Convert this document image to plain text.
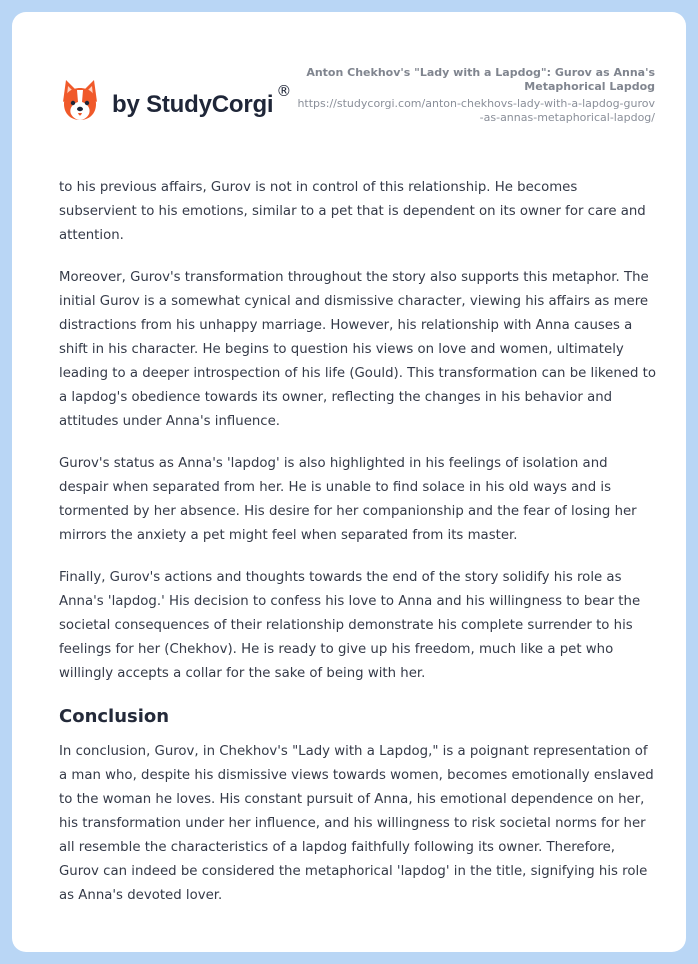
by StudyCorgi ®
Anton Chekhov's "Lady with a Lapdog": Gurov as Anna's Metaphorical Lapdog
https://studycorgi.com/anton-chekhovs-lady-with-a-lapdog-gurov-as-annas-metaphorical-lapdog/

to his previous affairs, Gurov is not in control of this relationship. He becomes subservient to his emotions, similar to a pet that is dependent on its owner for care and attention.

Moreover, Gurov's transformation throughout the story also supports this metaphor. The initial Gurov is a somewhat cynical and dismissive character, viewing his affairs as mere distractions from his unhappy marriage. However, his relationship with Anna causes a shift in his character. He begins to question his views on love and women, ultimately leading to a deeper introspection of his life (Gould). This transformation can be likened to a lapdog's obedience towards its owner, reflecting the changes in his behavior and attitudes under Anna's influence.

Gurov's status as Anna's 'lapdog' is also highlighted in his feelings of isolation and despair when separated from her. He is unable to find solace in his old ways and is tormented by her absence. His desire for her companionship and the fear of losing her mirrors the anxiety a pet might feel when separated from its master.

Finally, Gurov's actions and thoughts towards the end of the story solidify his role as Anna's 'lapdog.' His decision to confess his love to Anna and his willingness to bear the societal consequences of their relationship demonstrate his complete surrender to his feelings for her (Chekhov). He is ready to give up his freedom, much like a pet who willingly accepts a collar for the sake of being with her.

Conclusion

In conclusion, Gurov, in Chekhov's "Lady with a Lapdog," is a poignant representation of a man who, despite his dismissive views towards women, becomes emotionally enslaved to the woman he loves. His constant pursuit of Anna, his emotional dependence on her, his transformation under her influence, and his willingness to risk societal norms for her all resemble the characteristics of a lapdog faithfully following its owner. Therefore, Gurov can indeed be considered the metaphorical 'lapdog' in the title, signifying his role as Anna's devoted lover.
